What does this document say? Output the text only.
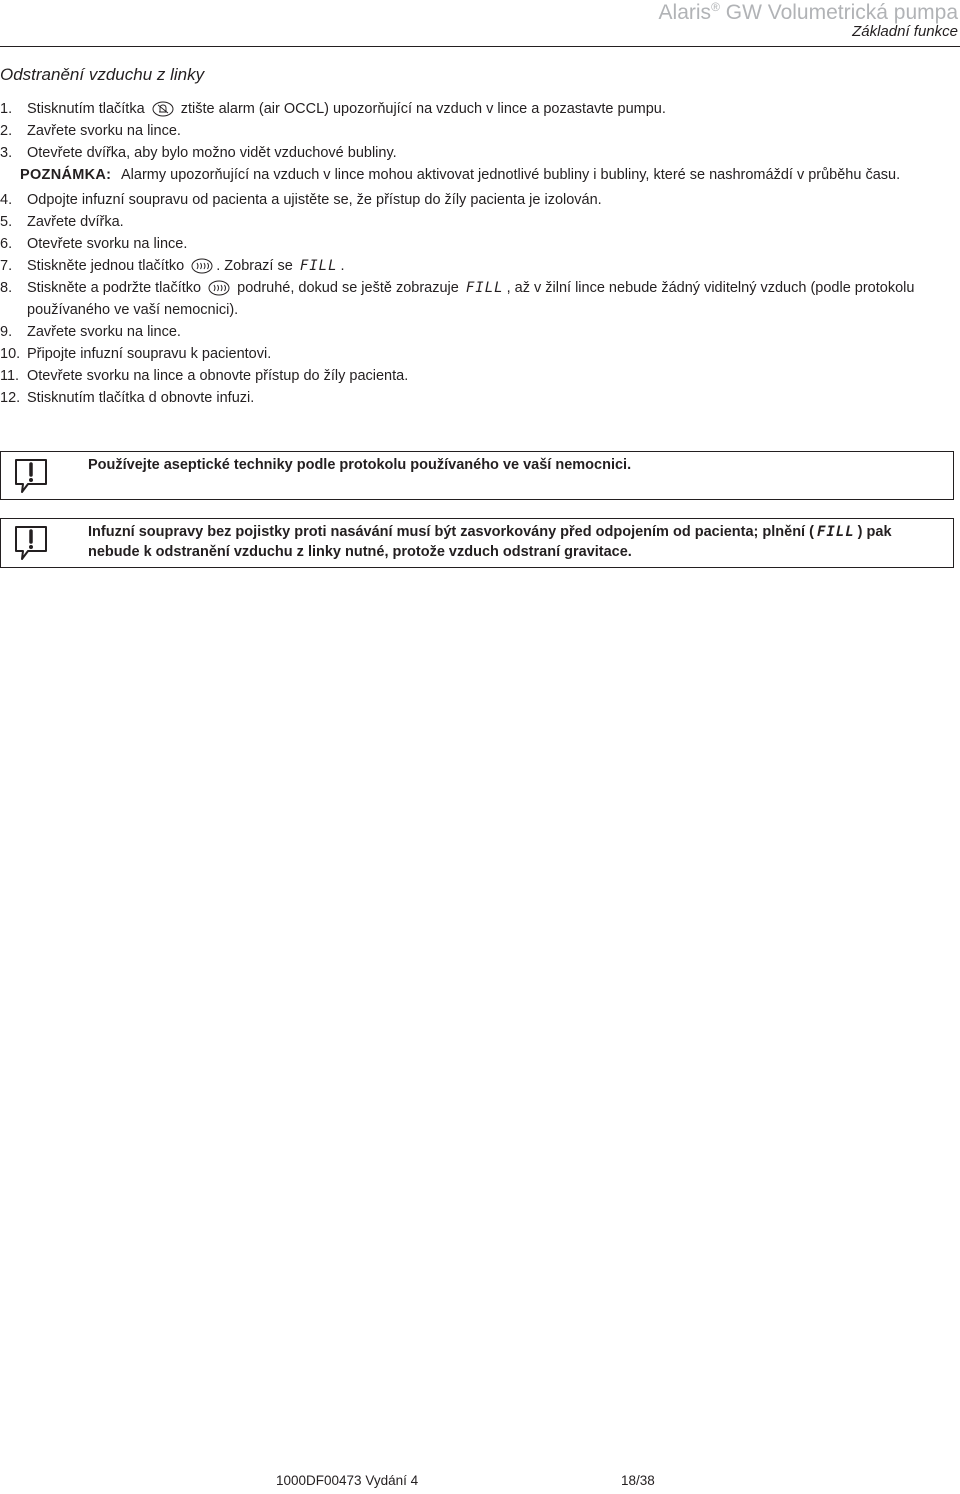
Alaris® GW Volumetrická pumpa
Základní funkce
Odstranění vzduchu z linky
1. Stisknutím tlačítka ztište alarm (air OCCL) upozorňující na vzduch v lince a pozastavte pumpu.
2. Zavřete svorku na lince.
3. Otevřete dvířka, aby bylo možno vidět vzduchové bubliny.
POZNÁMKA: Alarmy upozorňující na vzduch v lince mohou aktivovat jednotlivé bubliny i bubliny, které se nashromáždí v průběhu času.
4. Odpojte infuzní soupravu od pacienta a ujistěte se, že přístup do žíly pacienta je izolován.
5. Zavřete dvířka.
6. Otevřete svorku na lince.
7. Stiskněte jednou tlačítko . Zobrazí se FILL .
8. Stiskněte a podržte tlačítko podruhé, dokud se ještě zobrazuje FILL , až v žilní lince nebude žádný viditelný vzduch (podle protokolu používaného ve vaší nemocnici).
9. Zavřete svorku na lince.
10. Připojte infuzní soupravu k pacientovi.
11. Otevřete svorku na lince a obnovte přístup do žíly pacienta.
12. Stisknutím tlačítka d obnovte infuzi.
Používejte aseptické techniky podle protokolu používaného ve vaší nemocnici.
Infuzní soupravy bez pojistky proti nasávání musí být zasvorkovány před odpojením od pacienta; plnění ( FILL ) pak nebude k odstranění vzduchu z linky nutné, protože vzduch odstraní gravitace.
1000DF00473 Vydání 4	18/38
